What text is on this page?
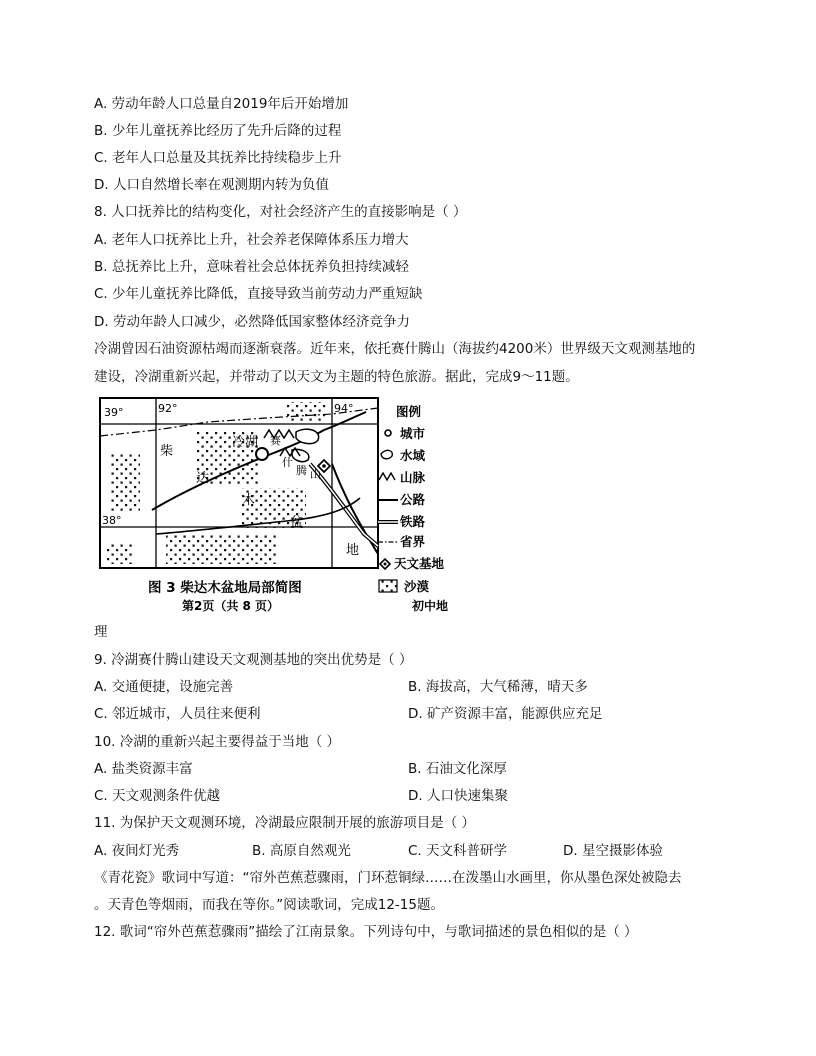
A. 劳动年龄人口总量自2019年后开始增加
B. 少年儿童抚养比经历了先升后降的过程
C. 老年人口总量及其抚养比持续稳步上升
D. 人口自然增长率在观测期内转为负值
8. 人口抚养比的结构变化，对社会经济产生的直接影响是（ ）
A. 老年人口抚养比上升，社会养老保障体系压力增大
B. 总抚养比上升，意味着社会总体抚养负担持续减轻
C. 少年儿童抚养比降低，直接导致当前劳动力严重短缺
D. 劳动年龄人口减少，必然降低国家整体经济竞争力
冷湖曾因石油资源枯竭而逐渐衰落。近年来，依托赛什腾山（海拔约4200米）世界级天文观测基地的
建设，冷湖重新兴起，并带动了以天文为主题的特色旅游。据此，完成9～11题。
39°	92°	94°
38°
柴
达
木
盆
地
冷湖 赛
什
腾 山
图例
城市
水域
山脉
公路
铁路
省界
天文基地
沙漠
图 3 柴达木盆地局部简图
第2页（共 8 页）	初中地
理
9. 冷湖赛什腾山建设天文观测基地的突出优势是（ ）
A. 交通便捷，设施完善	B. 海拔高，大气稀薄，晴天多
C. 邻近城市，人员往来便利	D. 矿产资源丰富，能源供应充足
10. 冷湖的重新兴起主要得益于当地（ ）
A. 盐类资源丰富	B. 石油文化深厚
C. 天文观测条件优越	D. 人口快速集聚
11. 为保护天文观测环境，冷湖最应限制开展的旅游项目是（ ）
A. 夜间灯光秀	B. 高原自然观光	C. 天文科普研学	D. 星空摄影体验
《青花瓷》歌词中写道：“帘外芭蕉惹骤雨，门环惹铜绿……在泼墨山水画里，你从墨色深处被隐去
。天青色等烟雨，而我在等你。”阅读歌词，完成12-15题。
12. 歌词“帘外芭蕉惹骤雨”描绘了江南景象。下列诗句中，与歌词描述的景色相似的是（ ）
